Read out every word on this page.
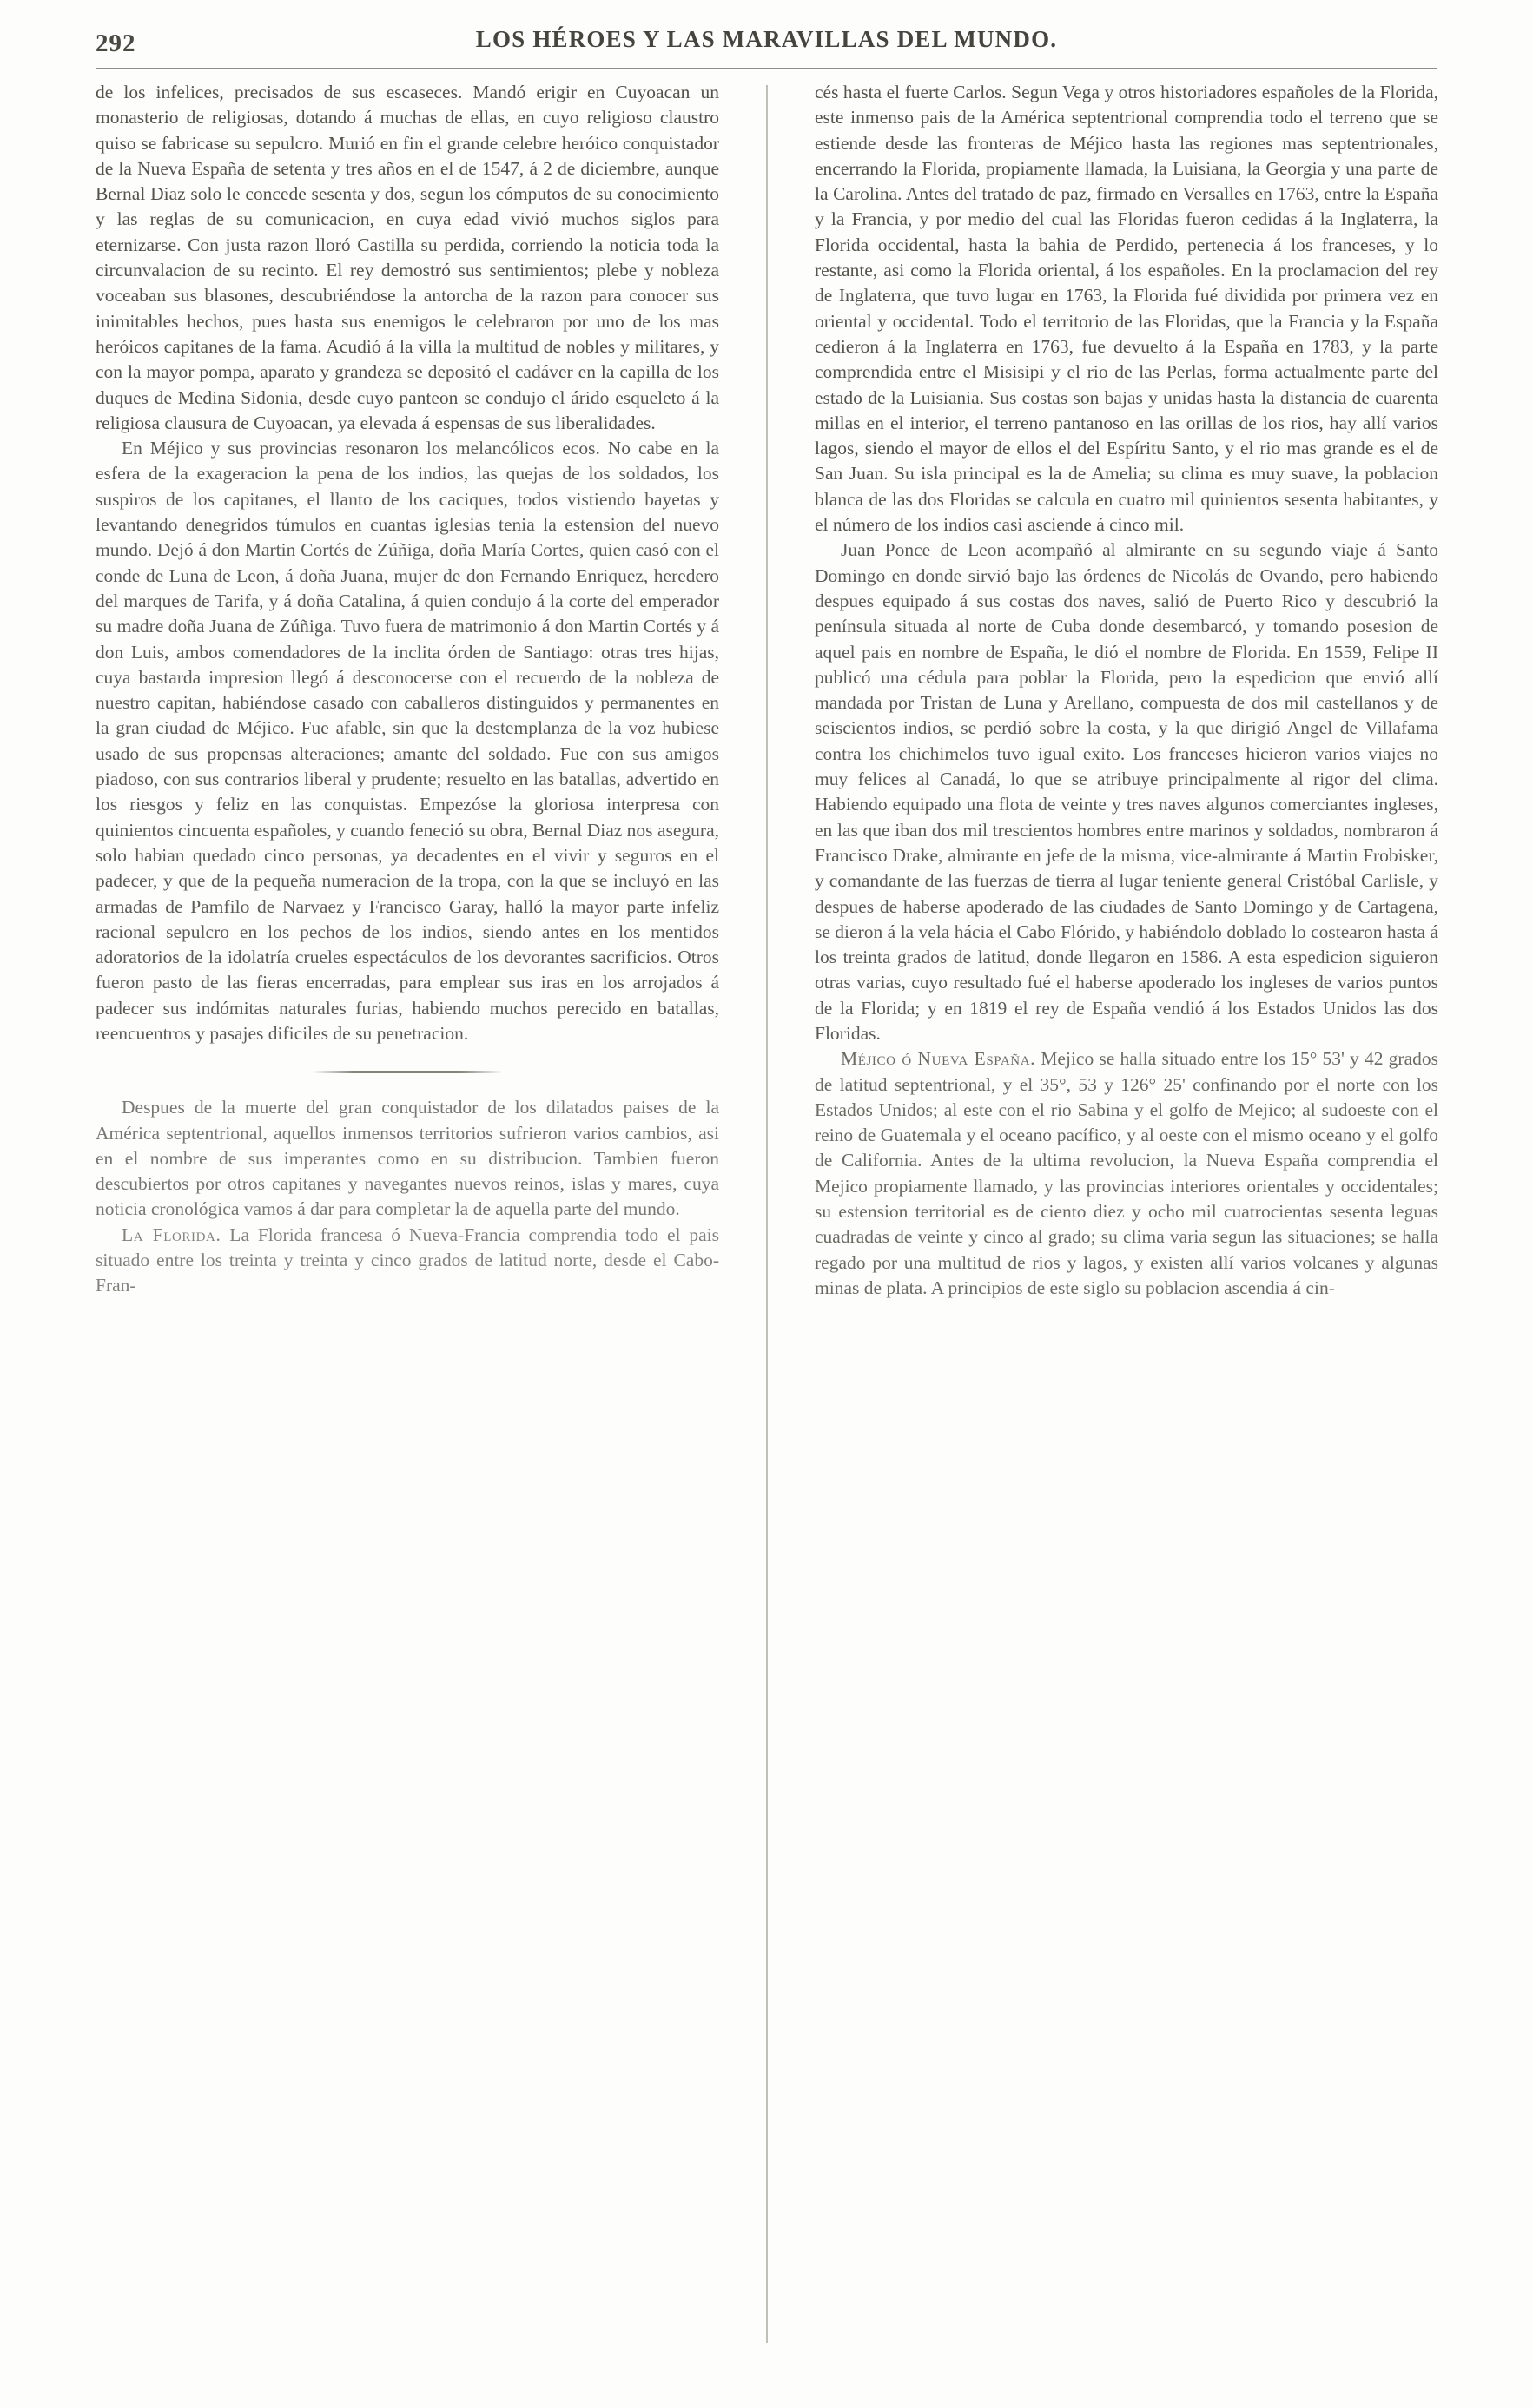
292	LOS HÉROES Y LAS MARAVILLAS DEL MUNDO.

de los infelices, precisados de sus escaseces. Mandó erigir en Cuyoacan un monasterio de religiosas, dotando á muchas de ellas, en cuyo religioso claustro quiso se fabricase su sepulcro. Murió en fin el grande celebre heróico conquistador de la Nueva España de setenta y tres años en el de 1547, á 2 de diciembre, aunque Bernal Diaz solo le concede sesenta y dos, segun los cómputos de su conocimiento y las reglas de su comunicacion, en cuya edad vivió muchos siglos para eternizarse. Con justa razon lloró Castilla su perdida, corriendo la noticia toda la circunvalacion de su recinto. El rey demostró sus sentimientos; plebe y nobleza voceaban sus blasones, descubriéndose la antorcha de la razon para conocer sus inimitables hechos, pues hasta sus enemigos le celebraron por uno de los mas heróicos capitanes de la fama. Acudió á la villa la multitud de nobles y militares, y con la mayor pompa, aparato y grandeza se depositó el cadáver en la capilla de los duques de Medina Sidonia, desde cuyo panteon se condujo el árido esqueleto á la religiosa clausura de Cuyoacan, ya elevada á espensas de sus liberalidades.

En Méjico y sus provincias resonaron los melancólicos ecos. No cabe en la esfera de la exageracion la pena de los indios, las quejas de los soldados, los suspiros de los capitanes, el llanto de los caciques, todos vistiendo bayetas y levantando denegridos túmulos en cuantas iglesias tenia la estension del nuevo mundo. Dejó á don Martin Cortés de Zúñiga, doña María Cortes, quien casó con el conde de Luna de Leon, á doña Juana, mujer de don Fernando Enriquez, heredero del marques de Tarifa, y á doña Catalina, á quien condujo á la corte del emperador su madre doña Juana de Zúñiga. Tuvo fuera de matrimonio á don Martin Cortés y á don Luis, ambos comendadores de la inclita órden de Santiago: otras tres hijas, cuya bastarda impresion llegó á desconocerse con el recuerdo de la nobleza de nuestro capitan, habiéndose casado con caballeros distinguidos y permanentes en la gran ciudad de Méjico. Fue afable, sin que la destemplanza de la voz hubiese usado de sus propensas alteraciones; amante del soldado. Fue con sus amigos piadoso, con sus contrarios liberal y prudente; resuelto en las batallas, advertido en los riesgos y feliz en las conquistas. Empezóse la gloriosa interpresa con quinientos cincuenta españoles, y cuando feneció su obra, Bernal Diaz nos asegura, solo habian quedado cinco personas, ya decadentes en el vivir y seguros en el padecer, y que de la pequeña numeracion de la tropa, con la que se incluyó en las armadas de Pamfilo de Narvaez y Francisco Garay, halló la mayor parte infeliz racional sepulcro en los pechos de los indios, siendo antes en los mentidos adoratorios de la idolatría crueles espectáculos de los devorantes sacrificios. Otros fueron pasto de las fieras encerradas, para emplear sus iras en los arrojados á padecer sus indómitas naturales furias, habiendo muchos perecido en batallas, reencuentros y pasajes dificiles de su penetracion.

Despues de la muerte del gran conquistador de los dilatados paises de la América septentrional, aquellos inmensos territorios sufrieron varios cambios, asi en el nombre de sus imperantes como en su distribucion. Tambien fueron descubiertos por otros capitanes y navegantes nuevos reinos, islas y mares, cuya noticia cronológica vamos á dar para completar la de aquella parte del mundo.

La Florida. La Florida francesa ó Nueva-Francia comprendia todo el pais situado entre los treinta y treinta y cinco grados de latitud norte, desde el Cabo-Fran-

cés hasta el fuerte Carlos. Segun Vega y otros historiadores españoles de la Florida, este inmenso pais de la América septentrional comprendia todo el terreno que se estiende desde las fronteras de Méjico hasta las regiones mas septentrionales, encerrando la Florida, propiamente llamada, la Luisiana, la Georgia y una parte de la Carolina. Antes del tratado de paz, firmado en Versalles en 1763, entre la España y la Francia, y por medio del cual las Floridas fueron cedidas á la Inglaterra, la Florida occidental, hasta la bahia de Perdido, pertenecia á los franceses, y lo restante, asi como la Florida oriental, á los españoles. En la proclamacion del rey de Inglaterra, que tuvo lugar en 1763, la Florida fué dividida por primera vez en oriental y occidental. Todo el territorio de las Floridas, que la Francia y la España cedieron á la Inglaterra en 1763, fue devuelto á la España en 1783, y la parte comprendida entre el Misisipi y el rio de las Perlas, forma actualmente parte del estado de la Luisiania. Sus costas son bajas y unidas hasta la distancia de cuarenta millas en el interior, el terreno pantanoso en las orillas de los rios, hay allí varios lagos, siendo el mayor de ellos el del Espíritu Santo, y el rio mas grande es el de San Juan. Su isla principal es la de Amelia; su clima es muy suave, la poblacion blanca de las dos Floridas se calcula en cuatro mil quinientos sesenta habitantes, y el número de los indios casi asciende á cinco mil.

Juan Ponce de Leon acompañó al almirante en su segundo viaje á Santo Domingo en donde sirvió bajo las órdenes de Nicolás de Ovando, pero habiendo despues equipado á sus costas dos naves, salió de Puerto Rico y descubrió la península situada al norte de Cuba donde desembarcó, y tomando posesion de aquel pais en nombre de España, le dió el nombre de Florida. En 1559, Felipe II publicó una cédula para poblar la Florida, pero la espedicion que envió allí mandada por Tristan de Luna y Arellano, compuesta de dos mil castellanos y de seiscientos indios, se perdió sobre la costa, y la que dirigió Angel de Villafama contra los chichimelos tuvo igual exito. Los franceses hicieron varios viajes no muy felices al Canadá, lo que se atribuye principalmente al rigor del clima. Habiendo equipado una flota de veinte y tres naves algunos comerciantes ingleses, en las que iban dos mil trescientos hombres entre marinos y soldados, nombraron á Francisco Drake, almirante en jefe de la misma, vice-almirante á Martin Frobisker, y comandante de las fuerzas de tierra al lugar teniente general Cristóbal Carlisle, y despues de haberse apoderado de las ciudades de Santo Domingo y de Cartagena, se dieron á la vela hácia el Cabo Flórido, y habiéndolo doblado lo costearon hasta á los treinta grados de latitud, donde llegaron en 1586. A esta espedicion siguieron otras varias, cuyo resultado fué el haberse apoderado los ingleses de varios puntos de la Florida; y en 1819 el rey de España vendió á los Estados Unidos las dos Floridas.

Méjico ó Nueva España. Mejico se halla situado entre los 15° 53' y 42 grados de latitud septentrional, y el 35°, 53 y 126° 25' confinando por el norte con los Estados Unidos; al este con el rio Sabina y el golfo de Mejico; al sudoeste con el reino de Guatemala y el oceano pacífico, y al oeste con el mismo oceano y el golfo de California. Antes de la ultima revolucion, la Nueva España comprendia el Mejico propiamente llamado, y las provincias interiores orientales y occidentales; su estension territorial es de ciento diez y ocho mil cuatrocientas sesenta leguas cuadradas de veinte y cinco al grado; su clima varia segun las situaciones; se halla regado por una multitud de rios y lagos, y existen allí varios volcanes y algunas minas de plata. A principios de este siglo su poblacion ascendia á cin-
